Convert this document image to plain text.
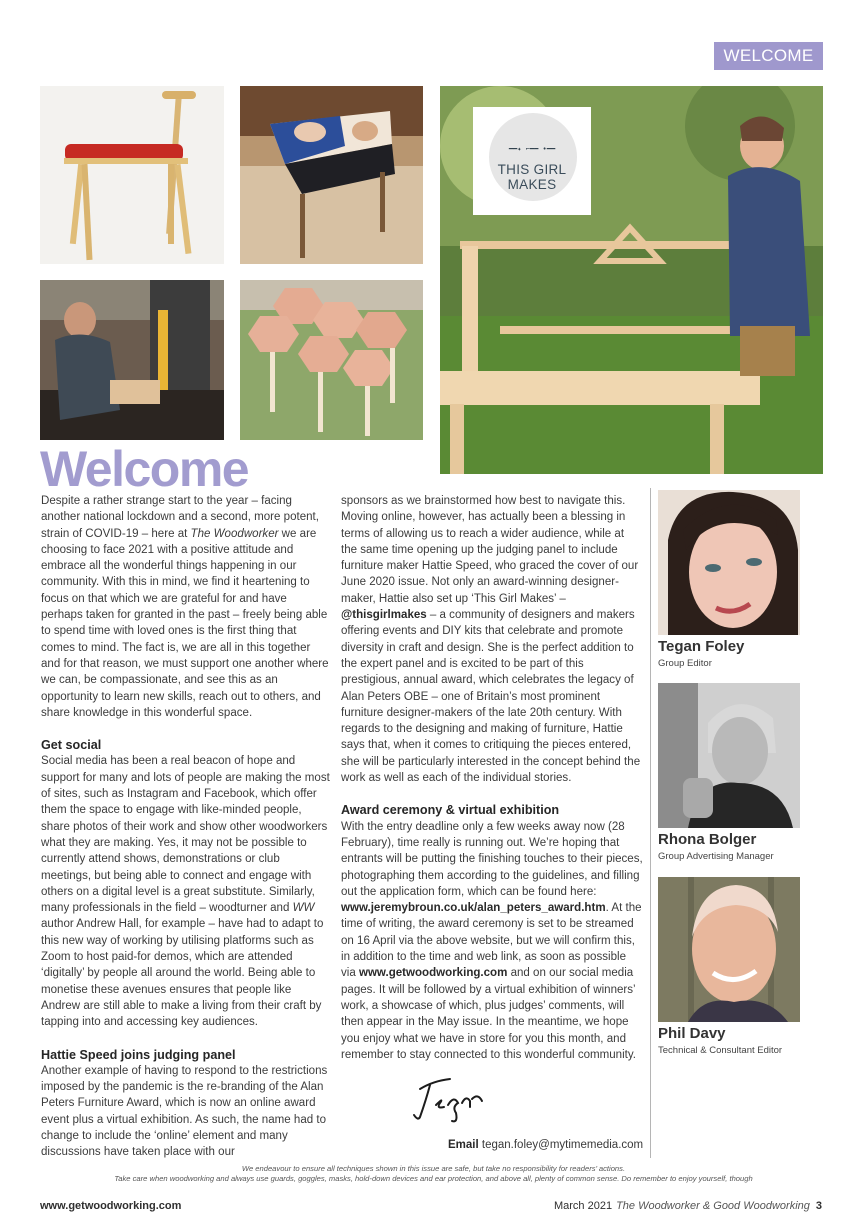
WELCOME
━━✦ ⌐━━ •━━
THIS GIRL MAKES
Welcome

Despite a rather strange start to the year – facing another national lockdown and a second, more potent, strain of COVID-19 – here at The Woodworker we are choosing to face 2021 with a positive attitude and embrace all the wonderful things happening in our community. With this in mind, we find it heartening to focus on that which we are grateful for and have perhaps taken for granted in the past – freely being able to spend time with loved ones is the first thing that comes to mind. The fact is, we are all in this together and for that reason, we must support one another where we can, be compassionate, and see this as an opportunity to learn new skills, reach out to others, and share knowledge in this wonderful space.

Get social

Social media has been a real beacon of hope and support for many and lots of people are making the most of sites, such as Instagram and Facebook, which offer them the space to engage with like-minded people, share photos of their work and show other woodworkers what they are making. Yes, it may not be possible to currently attend shows, demonstrations or club meetings, but being able to connect and engage with others on a digital level is a great substitute. Similarly, many professionals in the field – woodturner and WW author Andrew Hall, for example – have had to adapt to this new way of working by utilising platforms such as Zoom to host paid-for demos, which are attended ‘digitally’ by people all around the world. Being able to monetise these avenues ensures that people like Andrew are still able to make a living from their craft by tapping into and accessing key audiences.

Hattie Speed joins judging panel

Another example of having to respond to the restrictions imposed by the pandemic is the re-branding of the Alan Peters Furniture Award, which is now an online award event plus a virtual exhibition. As such, the name had to change to include the ‘online’ element and many discussions have taken place with our

sponsors as we brainstormed how best to navigate this. Moving online, however, has actually been a blessing in terms of allowing us to reach a wider audience, while at the same time opening up the judging panel to include furniture maker Hattie Speed, who graced the cover of our June 2020 issue. Not only an award-winning designer-maker, Hattie also set up ‘This Girl Makes’ – @thisgirlmakes – a community of designers and makers offering events and DIY kits that celebrate and promote diversity in craft and design. She is the perfect addition to the expert panel and is excited to be part of this prestigious, annual award, which celebrates the legacy of Alan Peters OBE – one of Britain’s most prominent furniture designer-makers of the late 20th century. With regards to the designing and making of furniture, Hattie says that, when it comes to critiquing the pieces entered, she will be particularly interested in the concept behind the work as well as each of the individual stories.

Award ceremony & virtual exhibition

With the entry deadline only a few weeks away now (28 February), time really is running out. We’re hoping that entrants will be putting the finishing touches to their pieces, photographing them according to the guidelines, and filling out the application form, which can be found here: www.jeremybroun.co.uk/alan_peters_award.htm. At the time of writing, the award ceremony is set to be streamed on 16 April via the above website, but we will confirm this, in addition to the time and web link, as soon as possible via www.getwoodworking.com and on our social media pages. It will be followed by a virtual exhibition of winners’ work, a showcase of which, plus judges’ comments, will then appear in the May issue. In the meantime, we hope you enjoy what we have in store for you this month, and remember to stay connected to this wonderful community.

Tegan Foley
Group Editor
Rhona Bolger
Group Advertising Manager
Phil Davy
Technical & Consultant Editor
Email tegan.foley@mytimemedia.com
We endeavour to ensure all techniques shown in this issue are safe, but take no responsibility for readers’ actions.
Take care when woodworking and always use guards, goggles, masks, hold-down devices and ear protection, and above all, plenty of common sense. Do remember to enjoy yourself, though
www.getwoodworking.com	March 2021 The Woodworker & Good Woodworking 3
